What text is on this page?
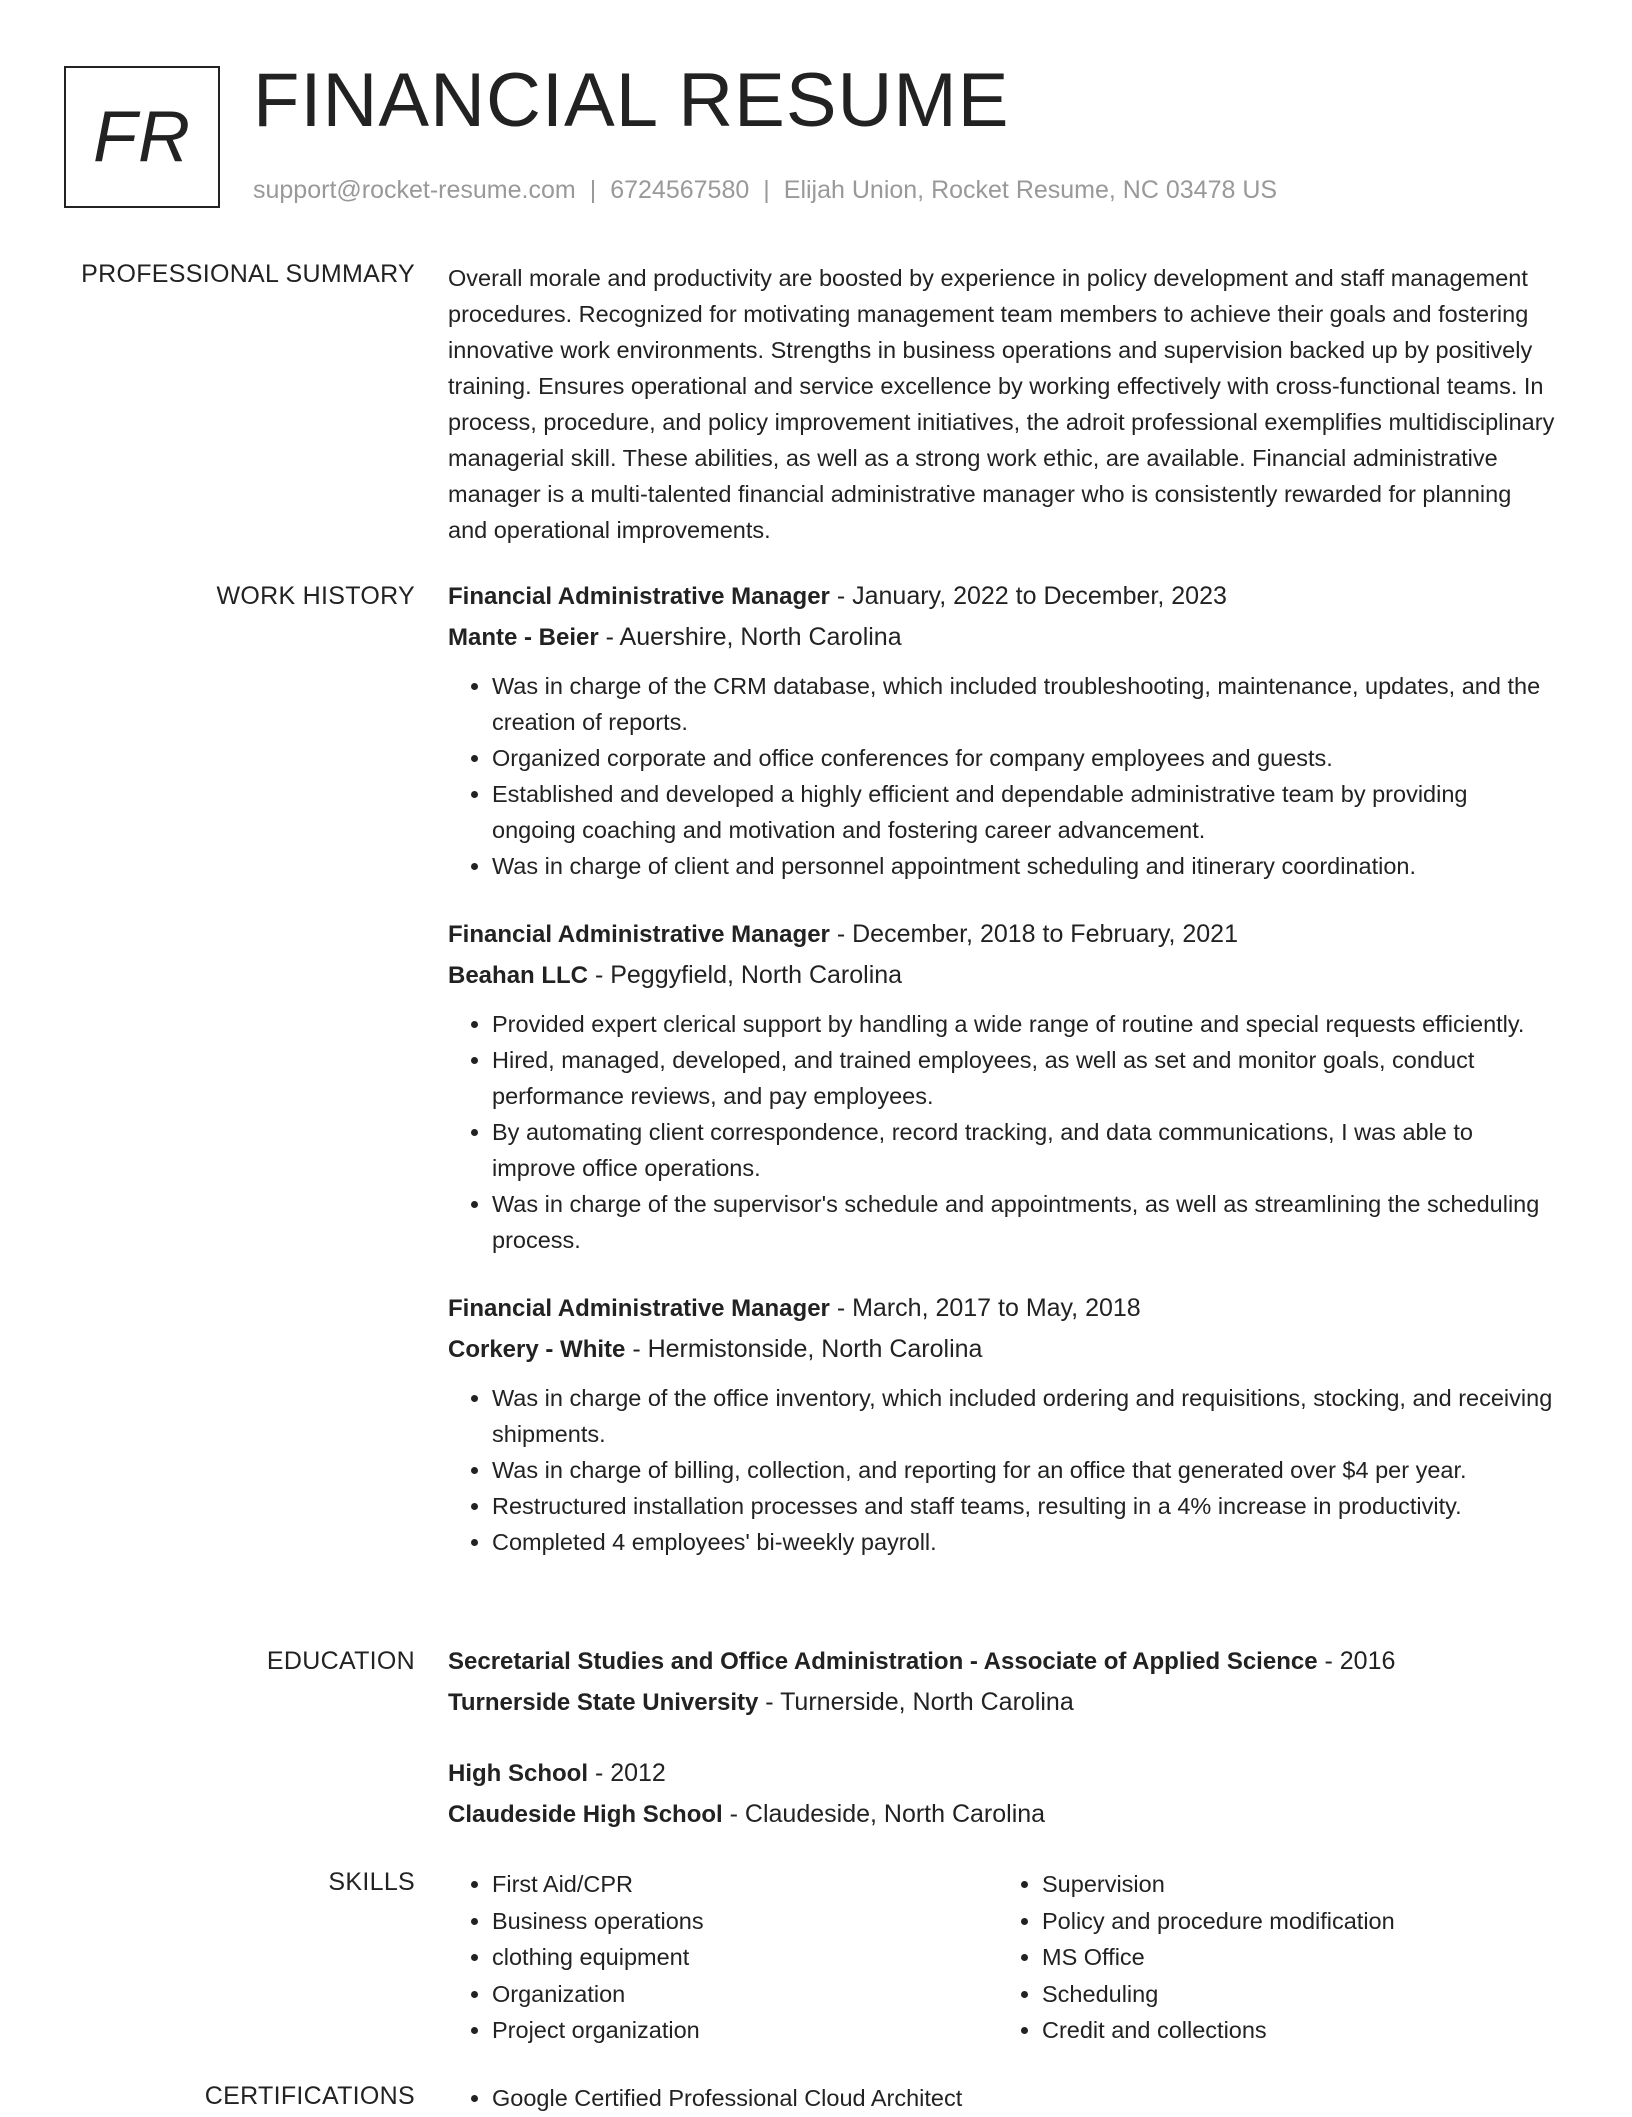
FR FINANCIAL RESUME
support@rocket-resume.com | 6724567580 | Elijah Union, Rocket Resume, NC 03478 US
PROFESSIONAL SUMMARY Overall morale and productivity are boosted by experience in policy development and staff management procedures. Recognized for motivating management team members to achieve their goals and fostering innovative work environments. Strengths in business operations and supervision backed up by positively training. Ensures operational and service excellence by working effectively with cross-functional teams. In process, procedure, and policy improvement initiatives, the adroit professional exemplifies multidisciplinary managerial skill. These abilities, as well as a strong work ethic, are available. Financial administrative manager is a multi-talented financial administrative manager who is consistently rewarded for planning and operational improvements.

WORK HISTORY Financial Administrative Manager - January, 2022 to December, 2023
Mante - Beier - Auershire, North Carolina
• Was in charge of the CRM database, which included troubleshooting, maintenance, updates, and the creation of reports.
• Organized corporate and office conferences for company employees and guests.
• Established and developed a highly efficient and dependable administrative team by providing ongoing coaching and motivation and fostering career advancement.
• Was in charge of client and personnel appointment scheduling and itinerary coordination.
Financial Administrative Manager - December, 2018 to February, 2021
Beahan LLC - Peggyfield, North Carolina
• Provided expert clerical support by handling a wide range of routine and special requests efficiently.
• Hired, managed, developed, and trained employees, as well as set and monitor goals, conduct performance reviews, and pay employees.
• By automating client correspondence, record tracking, and data communications, I was able to improve office operations.
• Was in charge of the supervisor's schedule and appointments, as well as streamlining the scheduling process.
Financial Administrative Manager - March, 2017 to May, 2018
Corkery - White - Hermistonside, North Carolina
• Was in charge of the office inventory, which included ordering and requisitions, stocking, and receiving shipments.
• Was in charge of billing, collection, and reporting for an office that generated over $4 per year.
• Restructured installation processes and staff teams, resulting in a 4% increase in productivity.
• Completed 4 employees' bi-weekly payroll.
EDUCATION Secretarial Studies and Office Administration - Associate of Applied Science - 2016
Turnerside State University - Turnerside, North Carolina
High School - 2012
Claudeside High School - Claudeside, North Carolina
SKILLS	• First Aid/CPR
• Business operations
• clothing equipment
• Organization
• Project organization
• Supervision
• Policy and procedure modification
• MS Office
• Scheduling
• Credit and collections
CERTIFICATIONS	• Google Certified Professional Cloud Architect
